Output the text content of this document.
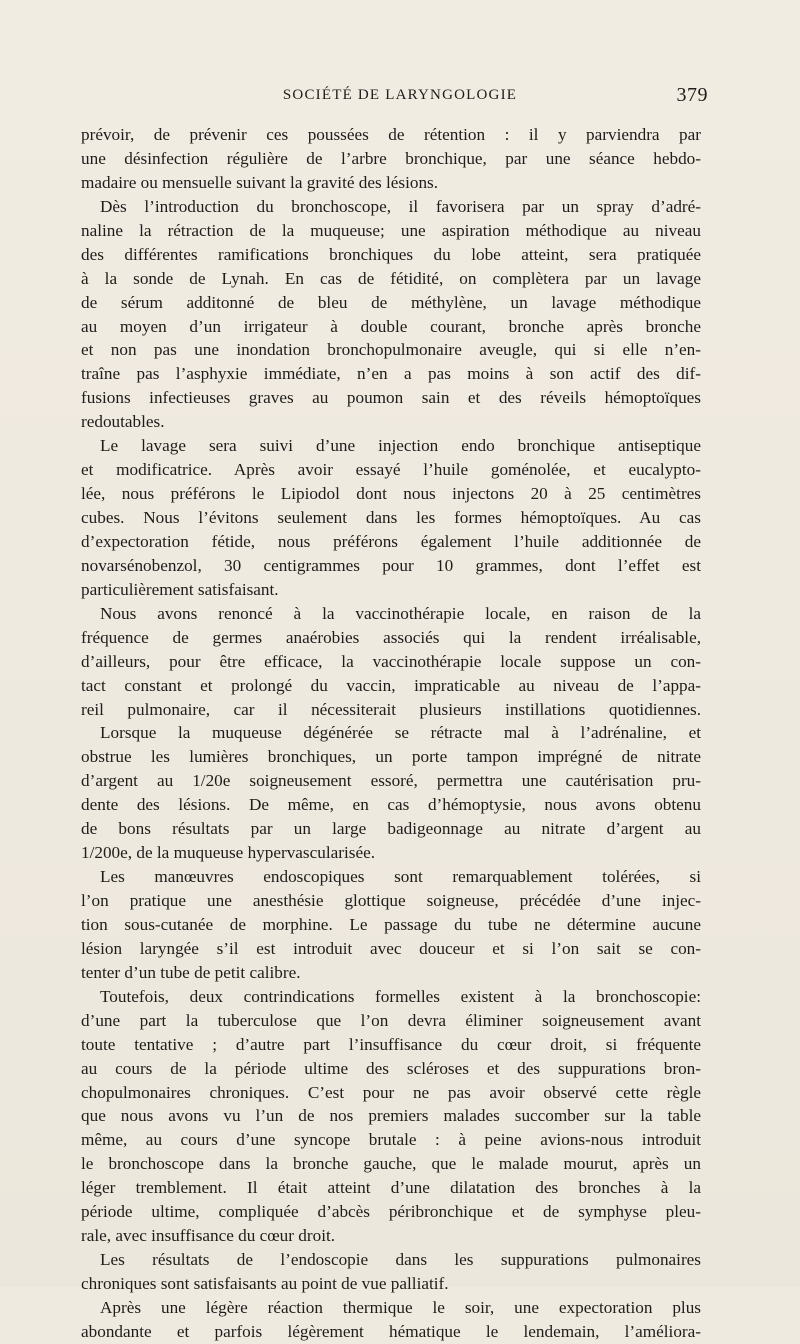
SOCIÉTÉ DE LARYNGOLOGIE	379
prévoir, de prévenir ces poussées de rétention : il y parviendra par
une désinfection régulière de l’arbre bronchique, par une séance hebdo-
madaire ou mensuelle suivant la gravité des lésions.
Dès l’introduction du bronchoscope, il favorisera par un spray d’adré-
naline la rétraction de la muqueuse; une aspiration méthodique au niveau
des différentes ramifications bronchiques du lobe atteint, sera pratiquée
à la sonde de Lynah. En cas de fétidité, on complètera par un lavage
de sérum additonné de bleu de méthylène, un lavage méthodique
au moyen d’un irrigateur à double courant, bronche après bronche
et non pas une inondation bronchopulmonaire aveugle, qui si elle n’en-
traîne pas l’asphyxie immédiate, n’en a pas moins à son actif des dif-
fusions infectieuses graves au poumon sain et des réveils hémoptoïques
redoutables.
Le lavage sera suivi d’une injection endo bronchique antiseptique
et modificatrice. Après avoir essayé l’huile goménolée, et eucalypto-
lée, nous préférons le Lipiodol dont nous injectons 20 à 25 centimètres
cubes. Nous l’évitons seulement dans les formes hémoptoïques. Au cas
d’expectoration fétide, nous préférons également l’huile additionnée de
novarsénobenzol, 30 centigrammes pour 10 grammes, dont l’effet est
particulièrement satisfaisant.
Nous avons renoncé à la vaccinothérapie locale, en raison de la
fréquence de germes anaérobies associés qui la rendent irréalisable,
d’ailleurs, pour être efficace, la vaccinothérapie locale suppose un con-
tact constant et prolongé du vaccin, impraticable au niveau de l’appa-
reil pulmonaire, car il nécessiterait plusieurs instillations quotidiennes.
Lorsque la muqueuse dégénérée se rétracte mal à l’adrénaline, et
obstrue les lumières bronchiques, un porte tampon imprégné de nitrate
d’argent au 1/20e soigneusement essoré, permettra une cautérisation pru-
dente des lésions. De même, en cas d’hémoptysie, nous avons obtenu
de bons résultats par un large badigeonnage au nitrate d’argent au
1/200e, de la muqueuse hypervascularisée.
Les manœuvres endoscopiques sont remarquablement tolérées, si
l’on pratique une anesthésie glottique soigneuse, précédée d’une injec-
tion sous-cutanée de morphine. Le passage du tube ne détermine aucune
lésion laryngée s’il est introduit avec douceur et si l’on sait se con-
tenter d’un tube de petit calibre.
Toutefois, deux contrindications formelles existent à la bronchoscopie:
d’une part la tuberculose que l’on devra éliminer soigneusement avant
toute tentative ; d’autre part l’insuffisance du cœur droit, si fréquente
au cours de la période ultime des scléroses et des suppurations bron-
chopulmonaires chroniques. C’est pour ne pas avoir observé cette règle
que nous avons vu l’un de nos premiers malades succomber sur la table
même, au cours d’une syncope brutale : à peine avions-nous introduit
le bronchoscope dans la bronche gauche, que le malade mourut, après un
léger tremblement. Il était atteint d’une dilatation des bronches à la
période ultime, compliquée d’abcès péribronchique et de symphyse pleu-
rale, avec insuffisance du cœur droit.
Les résultats de l’endoscopie dans les suppurations pulmonaires
chroniques sont satisfaisants au point de vue palliatif.
Après une légère réaction thermique le soir, une expectoration plus
abondante et parfois légèrement hématique le lendemain, l’améliora-
